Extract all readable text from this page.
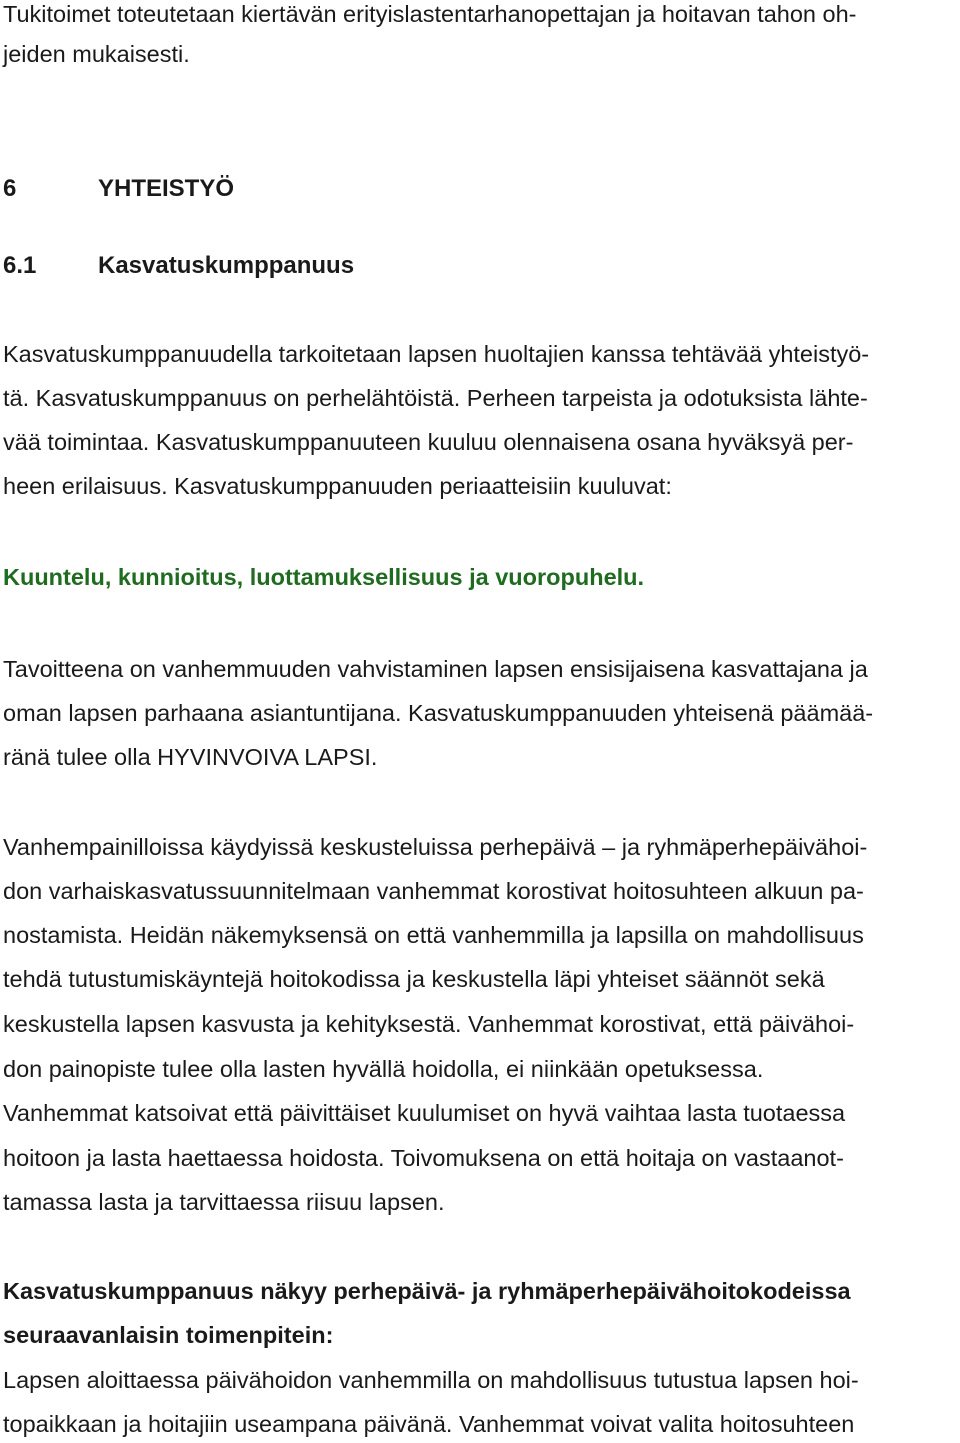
Tukitoimet toteutetaan kiertävän erityislastentarhanopettajan ja hoitavan tahon oh-

jeiden mukaisesti.

6	YHTEISTYÖ
6.1	Kasvatuskumppanuus

Kasvatuskumppanuudella tarkoitetaan lapsen huoltajien kanssa tehtävää yhteistyö-

tä. Kasvatuskumppanuus on perhelähtöistä. Perheen tarpeista ja odotuksista lähte-

vää toimintaa. Kasvatuskumppanuuteen kuuluu olennaisena osana hyväksyä per-

heen erilaisuus. Kasvatuskumppanuuden periaatteisiin kuuluvat:

Kuuntelu, kunnioitus, luottamuksellisuus ja vuoropuhelu.

Tavoitteena on vanhemmuuden vahvistaminen lapsen ensisijaisena kasvattajana ja

oman lapsen parhaana asiantuntijana. Kasvatuskumppanuuden yhteisenä päämää-

ränä tulee olla HYVINVOIVA LAPSI.

Vanhempainilloissa käydyissä keskusteluissa perhepäivä – ja ryhmäperhepäivähoi-

don varhaiskasvatussuunnitelmaan vanhemmat korostivat hoitosuhteen alkuun pa-

nostamista. Heidän näkemyksensä on että vanhemmilla ja lapsilla on mahdollisuus

tehdä tutustumiskäyntejä hoitokodissa ja keskustella läpi yhteiset säännöt sekä

keskustella lapsen kasvusta ja kehityksestä. Vanhemmat korostivat, että päivähoi-

don painopiste tulee olla lasten hyvällä hoidolla, ei niinkään opetuksessa.

Vanhemmat katsoivat että päivittäiset kuulumiset on hyvä vaihtaa lasta tuotaessa

hoitoon ja lasta haettaessa hoidosta. Toivomuksena on että hoitaja on vastaanot-

tamassa lasta ja tarvittaessa riisuu lapsen.

Kasvatuskumppanuus näkyy perhepäivä- ja ryhmäperhepäivähoitokodeissa

seuraavanlaisin toimenpitein:

Lapsen aloittaessa päivähoidon vanhemmilla on mahdollisuus tutustua lapsen hoi-

topaikkaan ja hoitajiin useampana päivänä. Vanhemmat voivat valita hoitosuhteen
